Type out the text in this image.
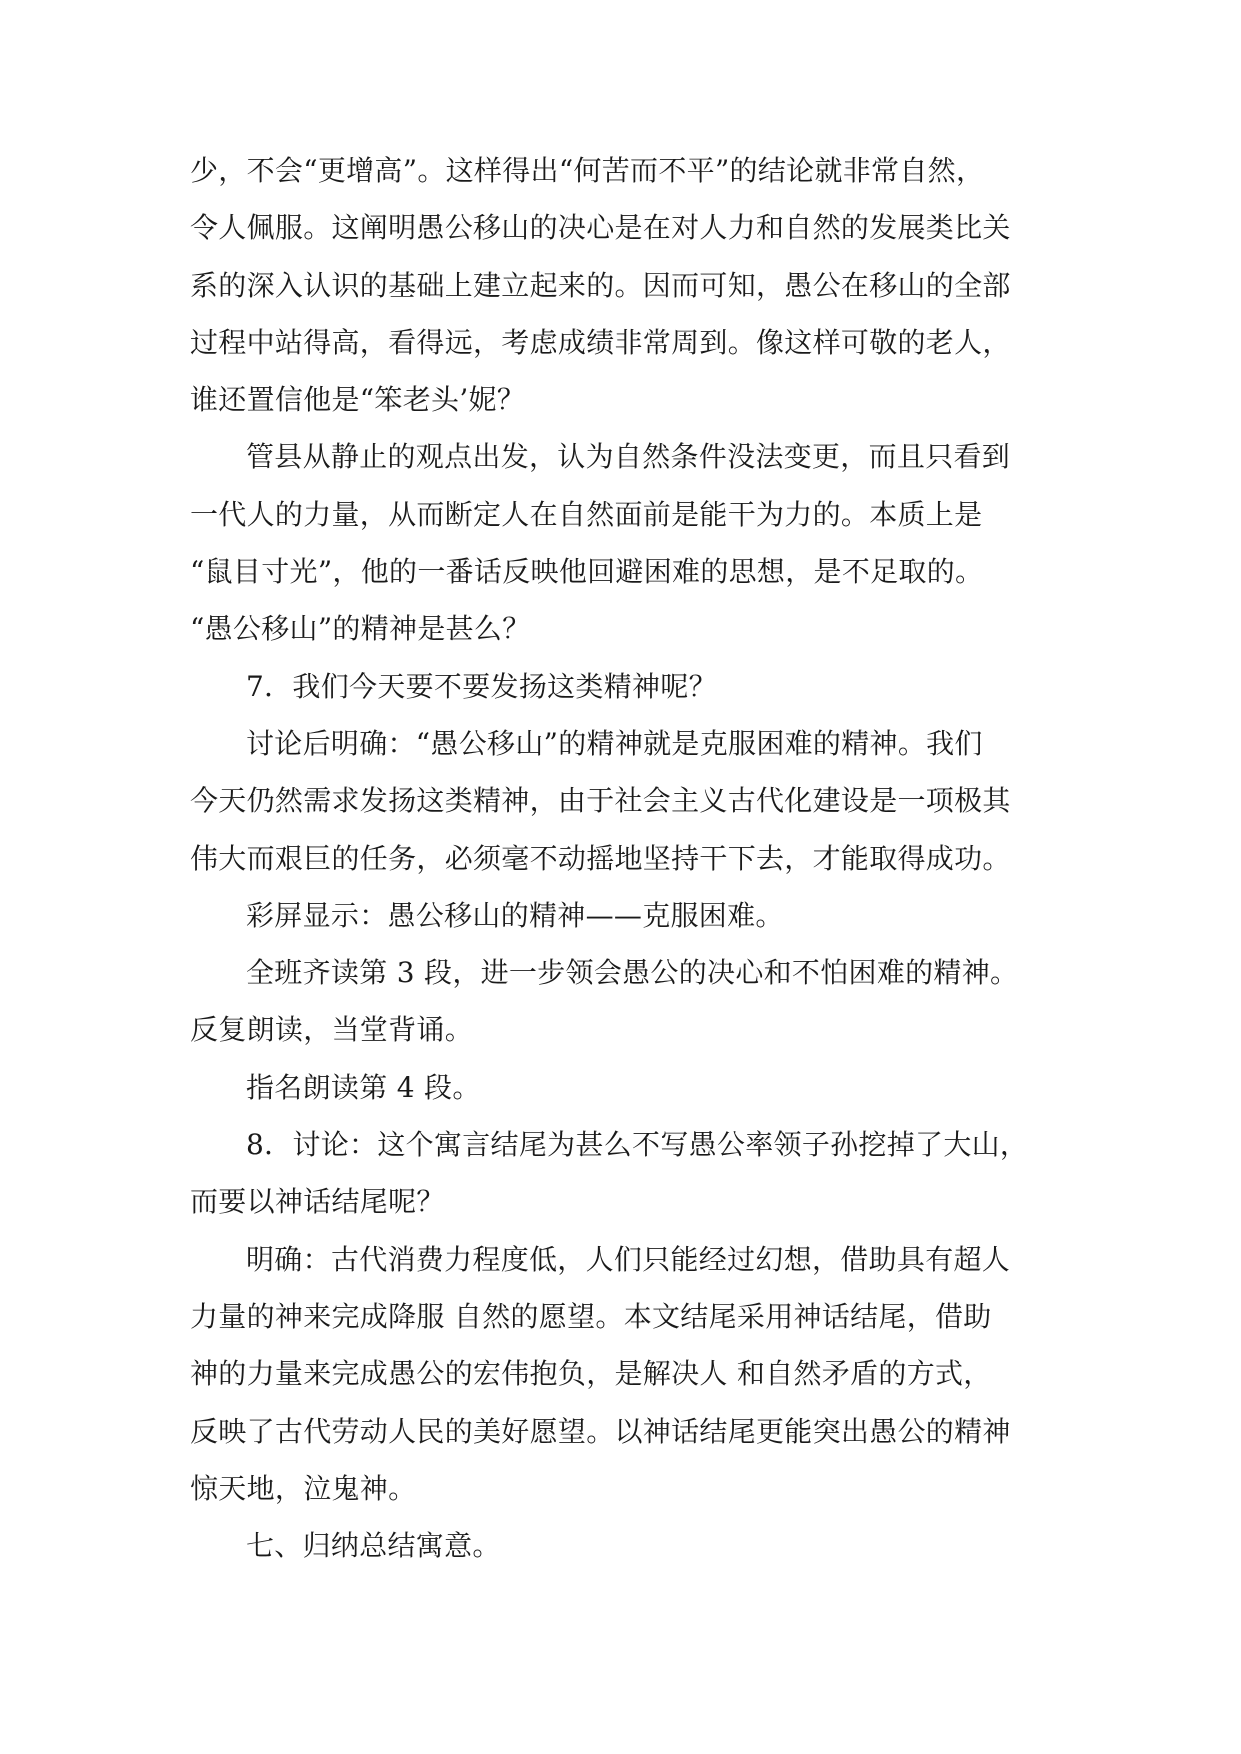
少，不会“更增高”。这样得出“何苦而不平”的结论就非常自然，
令人佩服。这阐明愚公移山的决心是在对人力和自然的发展类比关
系的深入认识的基础上建立起来的。因而可知，愚公在移山的全部
过程中站得高，看得远，考虑成绩非常周到。像这样可敬的老人，
谁还置信他是“笨老头’妮？
管县从静止的观点出发，认为自然条件没法变更，而且只看到
一代人的力量，从而断定人在自然面前是能干为力的。本质上是
“鼠目寸光”，他的一番话反映他回避困难的思想，是不足取的。
“愚公移山”的精神是甚么？
7．我们今天要不要发扬这类精神呢？
讨论后明确：“愚公移山”的精神就是克服困难的精神。我们
今天仍然需求发扬这类精神，由于社会主义古代化建设是一项极其
伟大而艰巨的任务，必须毫不动摇地坚持干下去，才能取得成功。
彩屏显示：愚公移山的精神——克服困难。
全班齐读第 3 段，进一步领会愚公的决心和不怕困难的精神。
反复朗读，当堂背诵。
指名朗读第 4 段。
8．讨论：这个寓言结尾为甚么不写愚公率领子孙挖掉了大山，
而要以神话结尾呢？
明确：古代消费力程度低，人们只能经过幻想，借助具有超人
力量的神来完成降服 自然的愿望。本文结尾采用神话结尾，借助
神的力量来完成愚公的宏伟抱负，是解决人 和自然矛盾的方式，
反映了古代劳动人民的美好愿望。以神话结尾更能突出愚公的精神
惊天地，泣鬼神。
七、归纳总结寓意。
